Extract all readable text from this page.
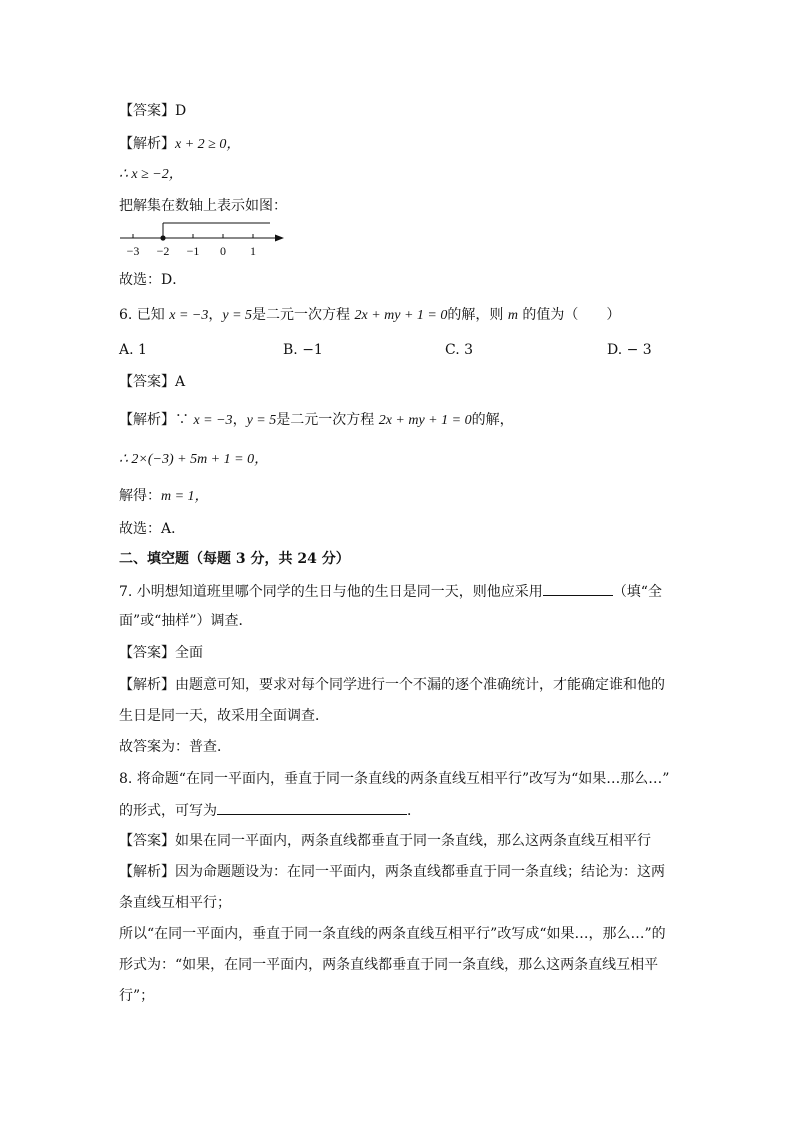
【答案】D
【解析】x + 2 ≥ 0，
∴ x ≥ −2，
把解集在数轴上表示如图：
−3 −2 −1 0 1
故选：D．
6. 已知 x = −3，y = 5是二元一次方程 2x + my + 1 = 0的解，则 m 的值为（　　）
A. 1	B. −1	C. 3	D. − 3
【答案】A
【解析】∵ x = −3，y = 5是二元一次方程 2x + my + 1 = 0的解，
∴ 2×(−3) + 5m + 1 = 0，
解得：m = 1，
故选：A．
二、填空题（每题 3 分，共 24 分）
7. 小明想知道班里哪个同学的生日与他的生日是同一天，则他应采用	（填“全
面”或“抽样”）调查．
【答案】全面
【解析】由题意可知，要求对每个同学进行一个不漏的逐个准确统计，才能确定谁和他的
生日是同一天，故采用全面调查．
故答案为：普查．
8. 将命题“在同一平面内，垂直于同一条直线的两条直线互相平行”改写为“如果…那么…”
的形式，可写为	．
【答案】如果在同一平面内，两条直线都垂直于同一条直线，那么这两条直线互相平行
【解析】因为命题题设为：在同一平面内，两条直线都垂直于同一条直线；结论为：这两
条直线互相平行；
所以“在同一平面内，垂直于同一条直线的两条直线互相平行”改写成“如果…，那么…”的
形式为：“如果，在同一平面内，两条直线都垂直于同一条直线，那么这两条直线互相平
行”；
